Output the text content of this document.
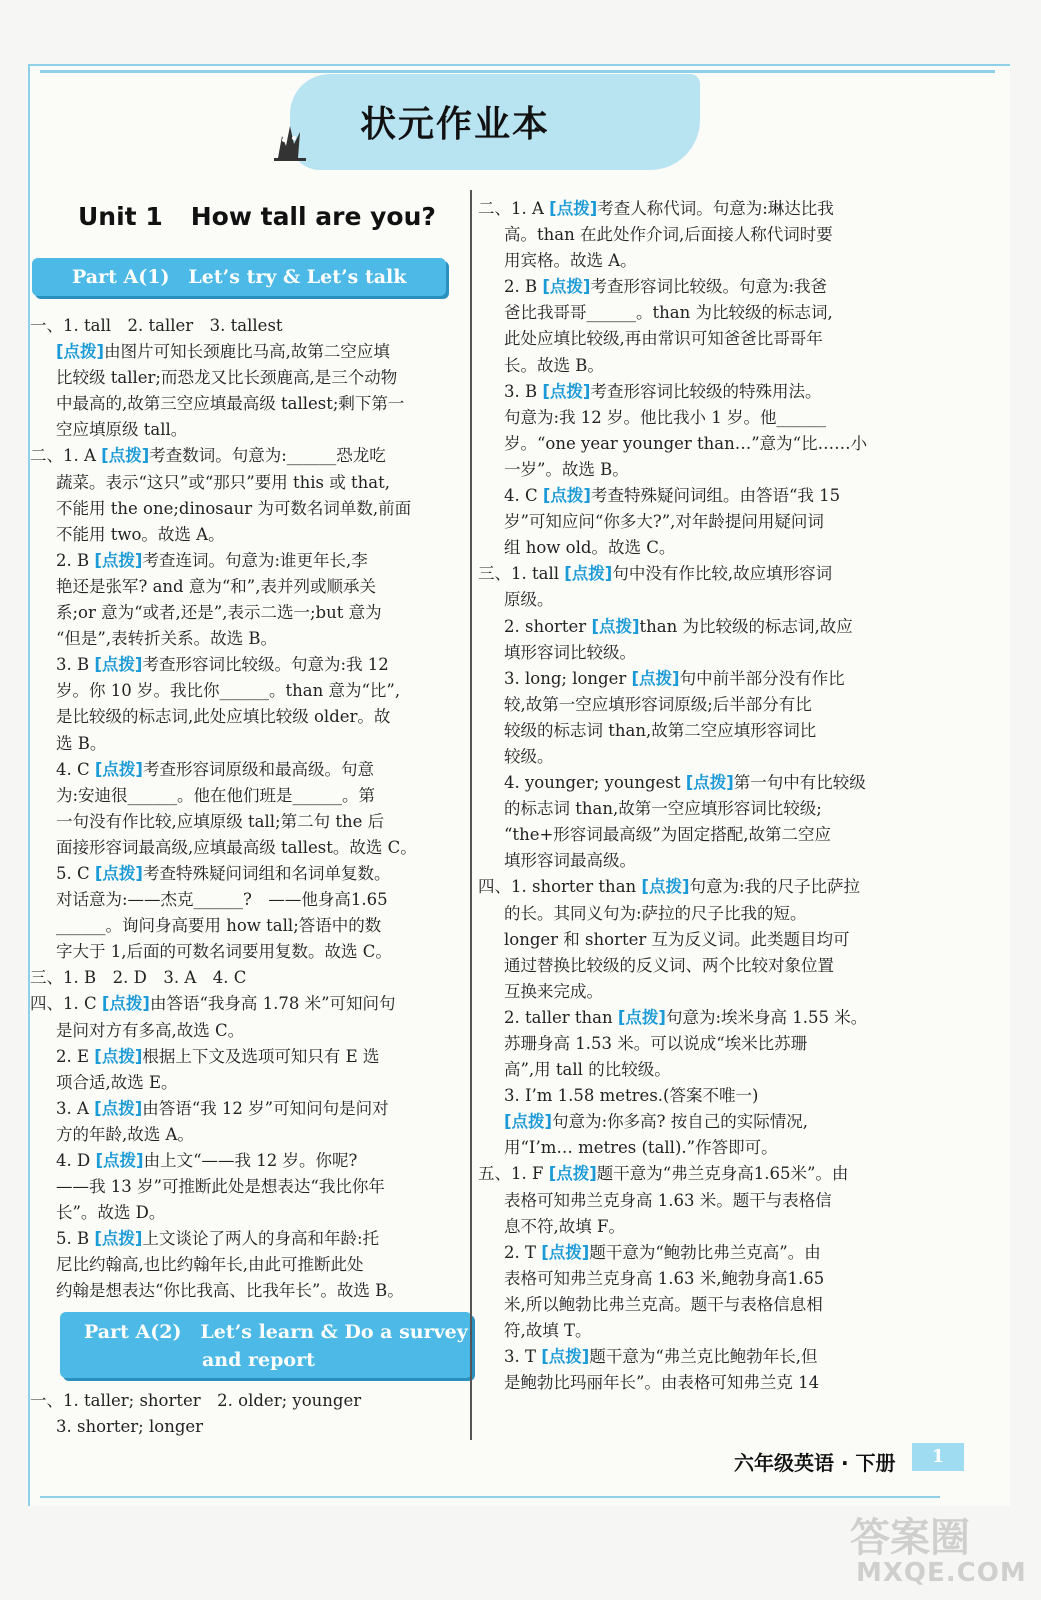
状元作业本
Unit 1 How tall are you?
Part A(1)　Let’s try & Let’s talk
一、1. tall　2. taller　3. tallest
[点拨]由图片可知长颈鹿比马高,故第二空应填
比较级 taller;而恐龙又比长颈鹿高,是三个动物
中最高的,故第三空应填最高级 tallest;剩下第一
空应填原级 tall。
二、1. A [点拨]考查数词。句意为:______恐龙吃
蔬菜。表示“这只”或“那只”要用 this 或 that,
不能用 the one;dinosaur 为可数名词单数,前面
不能用 two。故选 A。
2. B [点拨]考查连词。句意为:谁更年长,李
艳还是张军? and 意为“和”,表并列或顺承关
系;or 意为“或者,还是”,表示二选一;but 意为
“但是”,表转折关系。故选 B。
3. B [点拨]考查形容词比较级。句意为:我 12
岁。你 10 岁。我比你______。than 意为“比”,
是比较级的标志词,此处应填比较级 older。故
选 B。
4. C [点拨]考查形容词原级和最高级。句意
为:安迪很______。他在他们班是______。第
一句没有作比较,应填原级 tall;第二句 the 后
面接形容词最高级,应填最高级 tallest。故选 C。
5. C [点拨]考查特殊疑问词组和名词单复数。
对话意为:——杰克______?　——他身高1.65
______。询问身高要用 how tall;答语中的数
字大于 1,后面的可数名词要用复数。故选 C。
三、1. B　2. D　3. A　4. C
四、1. C [点拨]由答语“我身高 1.78 米”可知问句
是问对方有多高,故选 C。
2. E [点拨]根据上下文及选项可知只有 E 选
项合适,故选 E。
3. A [点拨]由答语“我 12 岁”可知问句是问对
方的年龄,故选 A。
4. D [点拨]由上文“——我 12 岁。你呢?
——我 13 岁”可推断此处是想表达“我比你年
长”。故选 D。
5. B [点拨]上文谈论了两人的身高和年龄:托
尼比约翰高,也比约翰年长,由此可推断此处
约翰是想表达“你比我高、比我年长”。故选 B。
Part A(2)　Let’s learn & Do a survey
and report
一、1. taller; shorter　2. older; younger
3. shorter; longer
二、1. A [点拨]考查人称代词。句意为:琳达比我
高。than 在此处作介词,后面接人称代词时要
用宾格。故选 A。
2. B [点拨]考查形容词比较级。句意为:我爸
爸比我哥哥______。than 为比较级的标志词,
此处应填比较级,再由常识可知爸爸比哥哥年
长。故选 B。
3. B [点拨]考查形容词比较级的特殊用法。
句意为:我 12 岁。他比我小 1 岁。他______
岁。“one year younger than…”意为“比……小
一岁”。故选 B。
4. C [点拨]考查特殊疑问词组。由答语“我 15
岁”可知应问“你多大?”,对年龄提问用疑问词
组 how old。故选 C。
三、1. tall [点拨]句中没有作比较,故应填形容词
原级。
2. shorter [点拨]than 为比较级的标志词,故应
填形容词比较级。
3. long; longer [点拨]句中前半部分没有作比
较,故第一空应填形容词原级;后半部分有比
较级的标志词 than,故第二空应填形容词比
较级。
4. younger; youngest [点拨]第一句中有比较级
的标志词 than,故第一空应填形容词比较级;
“the+形容词最高级”为固定搭配,故第二空应
填形容词最高级。
四、1. shorter than [点拨]句意为:我的尺子比萨拉
的长。其同义句为:萨拉的尺子比我的短。
longer 和 shorter 互为反义词。此类题目均可
通过替换比较级的反义词、两个比较对象位置
互换来完成。
2. taller than [点拨]句意为:埃米身高 1.55 米。
苏珊身高 1.53 米。可以说成“埃米比苏珊
高”,用 tall 的比较级。
3. I’m 1.58 metres.(答案不唯一)
[点拨]句意为:你多高? 按自己的实际情况,
用“I’m… metres (tall).”作答即可。
五、1. F [点拨]题干意为“弗兰克身高1.65米”。由
表格可知弗兰克身高 1.63 米。题干与表格信
息不符,故填 F。
2. T [点拨]题干意为“鲍勃比弗兰克高”。由
表格可知弗兰克身高 1.63 米,鲍勃身高1.65
米,所以鲍勃比弗兰克高。题干与表格信息相
符,故填 T。
3. T [点拨]题干意为“弗兰克比鲍勃年长,但
是鲍勃比玛丽年长”。由表格可知弗兰克 14
六年级英语 · 下册	1
答案圈
MXQE.COM
